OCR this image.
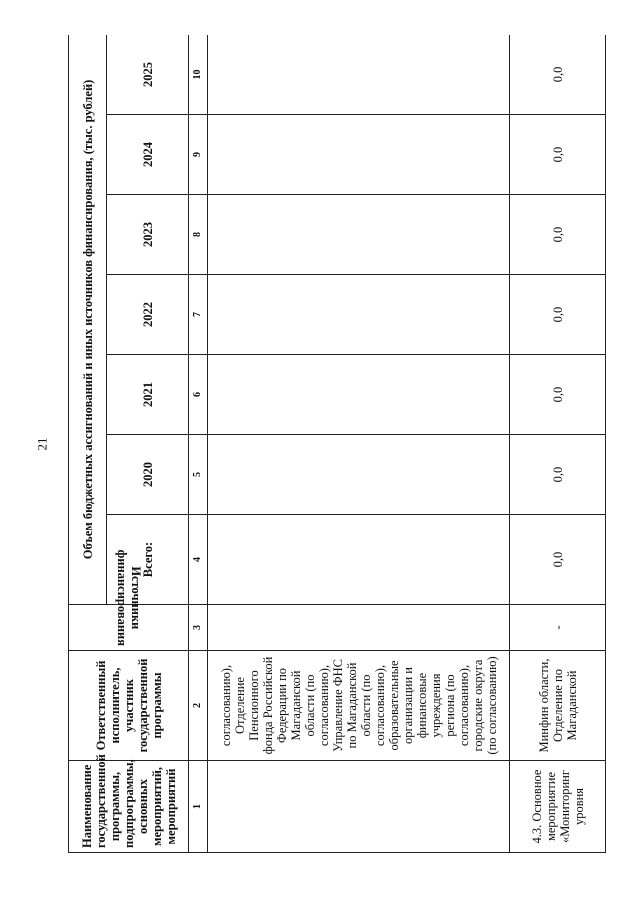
21
Наименование государственной программы, подпрограммы, основных мероприятий, мероприятий	Ответственный исполнитель, участник государственной программы	Источники финансирования	Объем бюджетных ассигнований и иных источников финансирования, (тыс. рублей)						
			Всего:	2020	2021	2022	2023	2024	2025
1	2	3	4	5	6	7	8	9	10
	согласованию), Отделение Пенсионного фонда Российской Федерации по Магаданской области (по согласованию), Управление ФНС по Магаданской области (по согласованию), образовательные организации и финансовые учреждения региона (по согласованию), городские округа (по согласованию)								
4.3. Основное мероприятие «Мониторинг уровня	Минфин области, Отделение по Магаданской	-	0,0	0,0	0,0	0,0	0,0	0,0	0,0
